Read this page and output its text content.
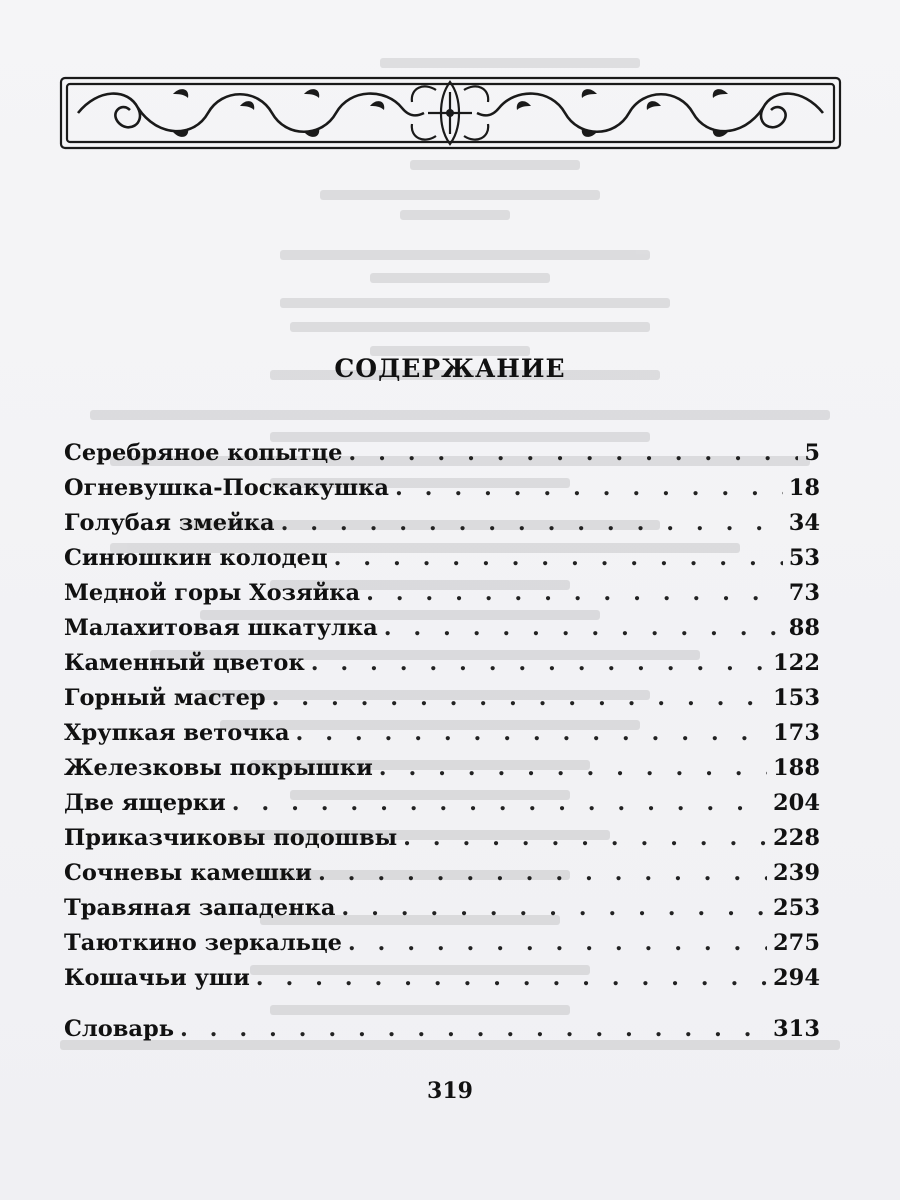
СОДЕРЖАНИЕ
Серебряное копытце . . .	5
Огневушка-Поскакушка . . .	18
Голубая змейка . . .	34
Синюшкин колодец . . .	53
Медной горы Хозяйка . . .	73
Малахитовая шкатулка . . .	88
Каменный цветок . . .	122
Горный мастер . . .	153
Хрупкая веточка . . .	173
Железковы покрышки . . .	188
Две ящерки . . .	204
Приказчиковы подошвы . . .	228
Сочневы камешки . . .	239
Травяная западенка . . .	253
Таюткино зеркальце . . .	275
Кошачьи уши . . .	294
Словарь . . .	313
319
